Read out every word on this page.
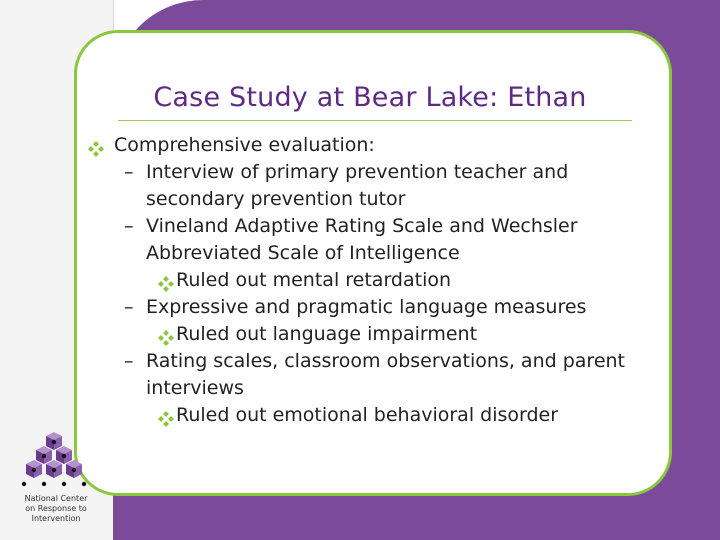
Case Study at Bear Lake: Ethan
Comprehensive evaluation:
– Interview of primary prevention teacher and secondary prevention tutor
– Vineland Adaptive Rating Scale and Wechsler Abbreviated Scale of Intelligence
Ruled out mental retardation
– Expressive and pragmatic language measures
Ruled out language impairment
– Rating scales, classroom observations, and parent interviews
Ruled out emotional behavioral disorder
National Center
on Response to
Intervention
